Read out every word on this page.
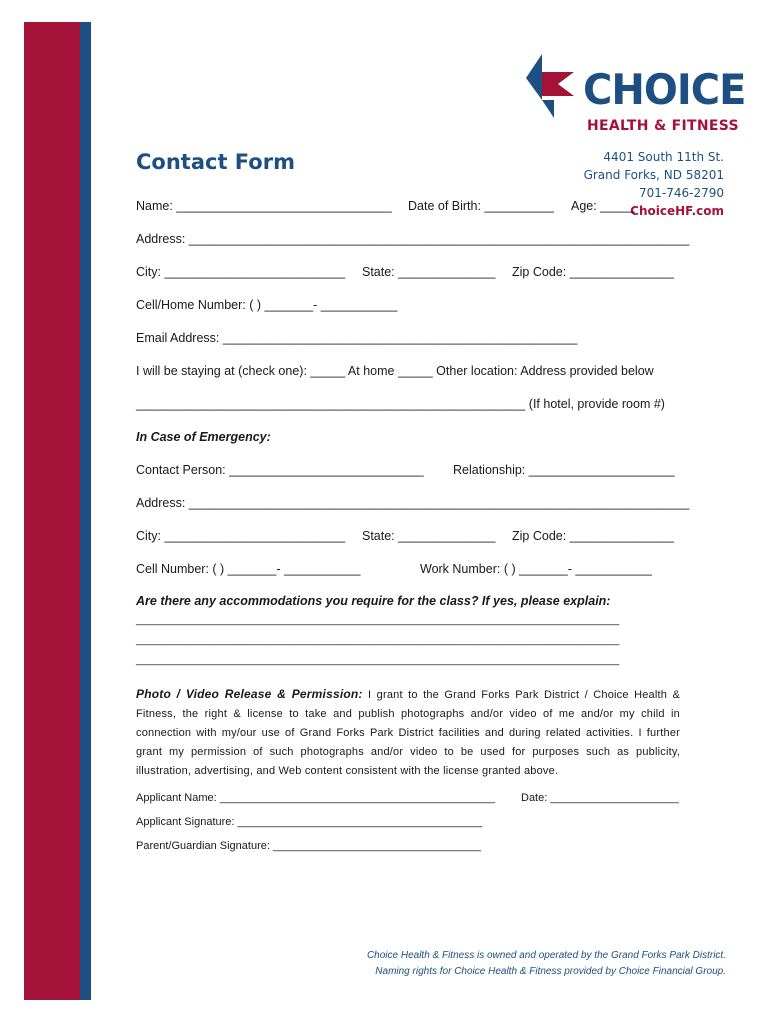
CHOICE
HEALTH & FITNESS
4401 South 11th St.
Grand Forks, ND 58201
701-746-2790
ChoiceHF.com
Contact Form
Name: _______________________________ Date of Birth: __________ Age: _____
Address: ________________________________________________________________________
City: __________________________ State: ______________ Zip Code: _______________
Cell/Home Number: ( ) _______- ___________
Email Address: ___________________________________________________
I will be staying at (check one): _____ At home _____ Other location: Address provided below
________________________________________________________ (If hotel, provide room #)
In Case of Emergency:
Contact Person: ____________________________ Relationship: _____________________
Address: ________________________________________________________________________
City: __________________________ State: ______________ Zip Code: _______________
Cell Number: ( ) _______- ___________	Work Number: ( ) _______- ___________
Are there any accommodations you require for the class? If yes, please explain:
_______________________________________________________________________________
_______________________________________________________________________________
_______________________________________________________________________________
Photo / Video Release & Permission: I grant to the Grand Forks Park District / Choice Health & Fitness, the right & license to take and publish photographs and/or video of me and/or my child in connection with my/our use of Grand Forks Park District facilities and during related activities. I further grant my permission of such photographs and/or video to be used for purposes such as publicity, illustration, advertising, and Web content consistent with the license granted above.
Applicant Name: _____________________________________________ Date: _____________________
Applicant Signature: ________________________________________
Parent/Guardian Signature: __________________________________
Choice Health & Fitness is owned and operated by the Grand Forks Park District.
Naming rights for Choice Health & Fitness provided by Choice Financial Group.
